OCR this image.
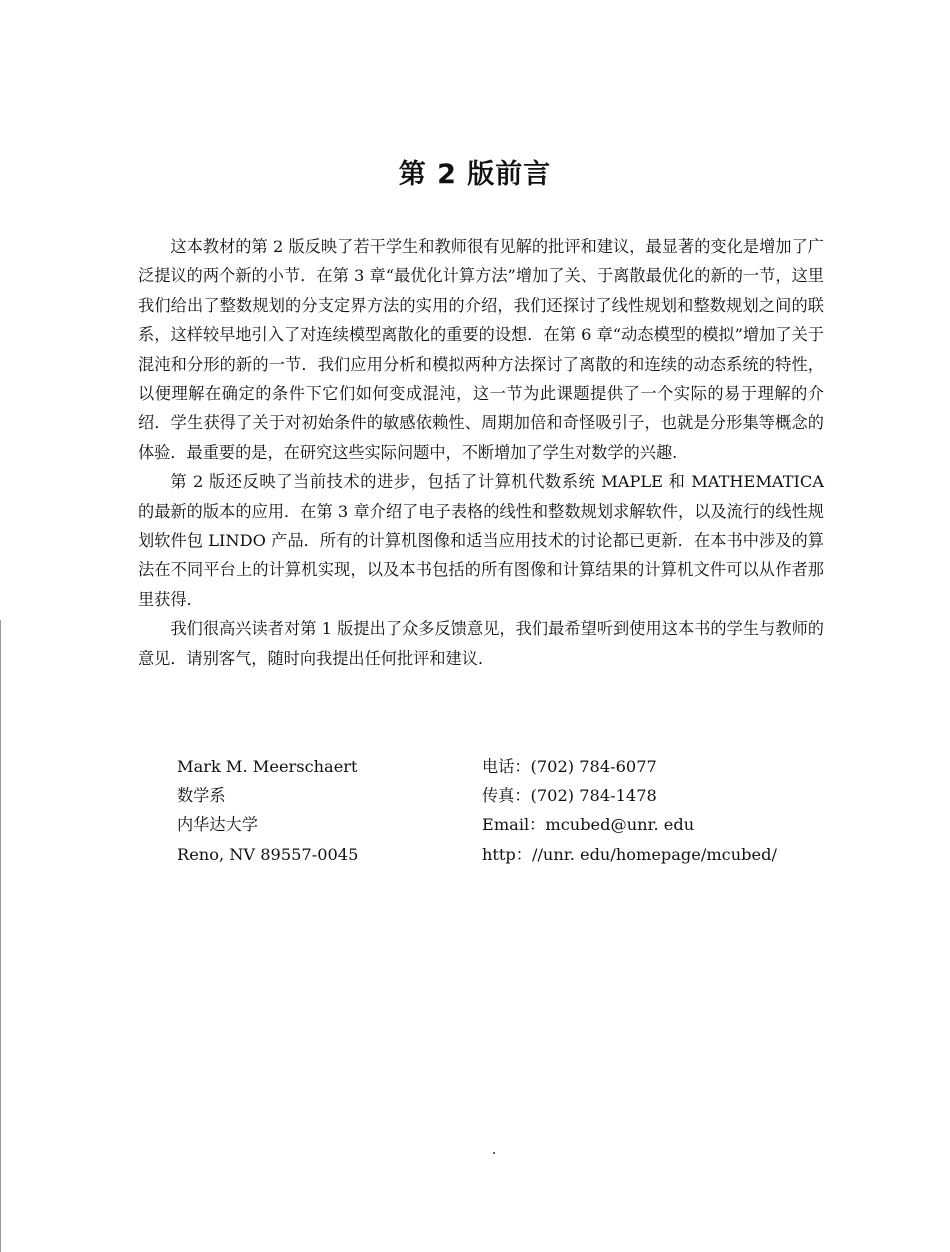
第 2 版前言

这本教材的第 2 版反映了若干学生和教师很有见解的批评和建议，最显著的变化是增加了广泛提议的两个新的小节．在第 3 章“最优化计算方法”增加了关、于离散最优化的新的一节，这里我们给出了整数规划的分支定界方法的实用的介绍，我们还探讨了线性规划和整数规划之间的联系，这样较早地引入了对连续模型离散化的重要的设想．在第 6 章“动态模型的模拟”增加了关于混沌和分形的新的一节．我们应用分析和模拟两种方法探讨了离散的和连续的动态系统的特性，以便理解在确定的条件下它们如何变成混沌，这一节为此课题提供了一个实际的易于理解的介绍．学生获得了关于对初始条件的敏感依赖性、周期加倍和奇怪吸引子，也就是分形集等概念的体验．最重要的是，在研究这些实际问题中，不断增加了学生对数学的兴趣.

第 2 版还反映了当前技术的进步，包括了计算机代数系统 MAPLE 和 MATHEMATICA 的最新的版本的应用．在第 3 章介绍了电子表格的线性和整数规划求解软件，以及流行的线性规划软件包 LINDO 产品．所有的计算机图像和适当应用技术的讨论都已更新．在本书中涉及的算法在不同平台上的计算机实现，以及本书包括的所有图像和计算结果的计算机文件可以从作者那里获得.

我们很高兴读者对第 1 版提出了众多反馈意见，我们最希望听到使用这本书的学生与教师的意见．请别客气，随时向我提出任何批评和建议.

Mark M. Meerschaert
数学系
内华达大学
Reno, NV 89557-0045
电话：(702) 784-6077
传真：(702) 784-1478
Email：mcubed@unr. edu
http：//unr. edu/homepage/mcubed/
